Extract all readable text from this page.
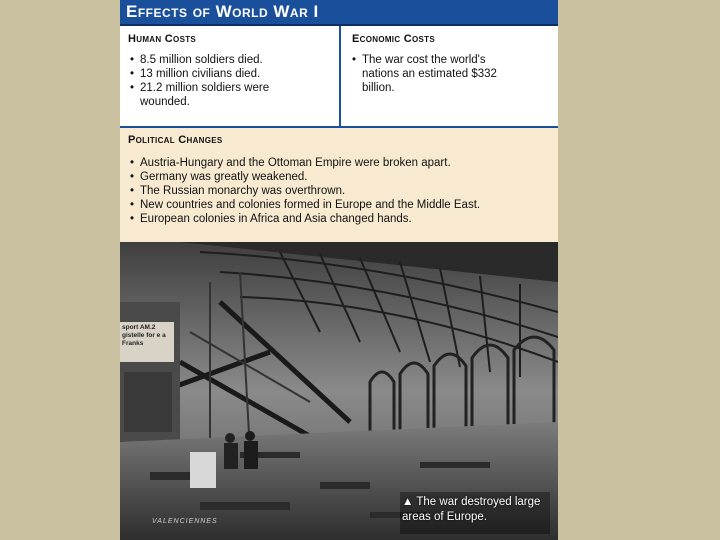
Effects of World War I
Human Costs
• 8.5 million soldiers died.
• 13 million civilians died.
• 21.2 million soldiers were wounded.
Economic Costs
• The war cost the world's nations an estimated $332 billion.
Political Changes
• Austria-Hungary and the Ottoman Empire were broken apart.
• Germany was greatly weakened.
• The Russian monarchy was overthrown.
• New countries and colonies formed in Europe and the Middle East.
• European colonies in Africa and Asia changed hands.
sport AM.2 gistelle for e a Franks
VALENCIENNES
▲ The war destroyed large areas of Europe.
